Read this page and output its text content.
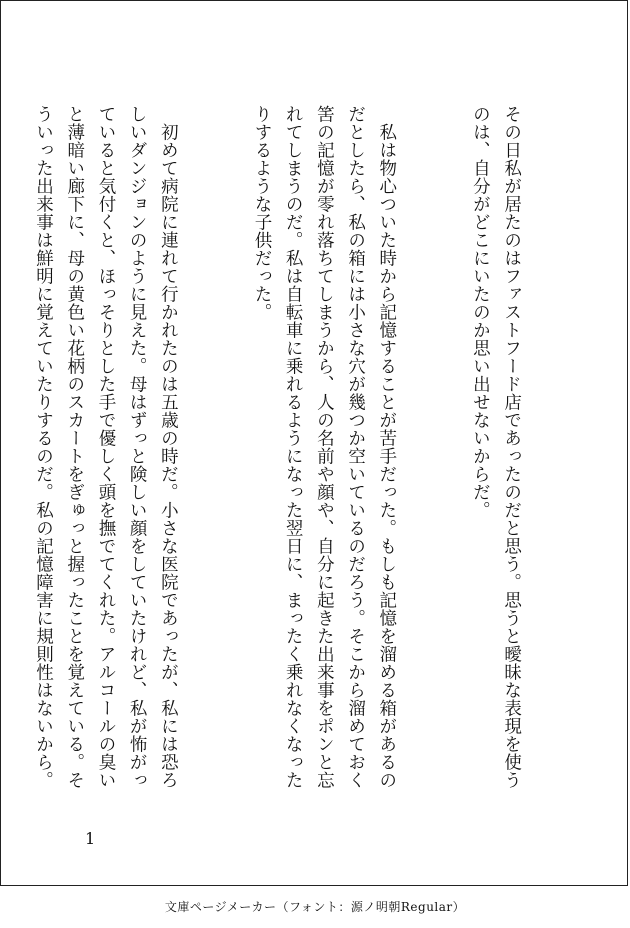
その日私が居たのはファストフード店であったのだと思う。思うと曖昧な表現を使うのは、自分がどこにいたのか思い出せないからだ。

私は物心ついた時から記憶することが苦手だった。もしも記憶を溜める箱があるのだとしたら、私の箱には小さな穴が幾つか空いているのだろう。そこから溜めておく筈の記憶が零れ落ちてしまうから、人の名前や顔や、自分に起きた出来事をポンと忘れてしまうのだ。私は自転車に乗れるようになった翌日に、まったく乗れなくなったりするような子供だった。

初めて病院に連れて行かれたのは五歳の時だ。小さな医院であったが、私には恐ろしいダンジョンのように見えた。母はずっと険しい顔をしていたけれど、私が怖がっていると気付くと、ほっそりとした手で優しく頭を撫でてくれた。アルコールの臭いと薄暗い廊下に、母の黄色い花柄のスカートをぎゅっと握ったことを覚えている。そういった出来事は鮮明に覚えていたりするのだ。私の記憶障害に規則性はないから。

1
文庫ページメーカー（フォント：源ノ明朝Regular）
